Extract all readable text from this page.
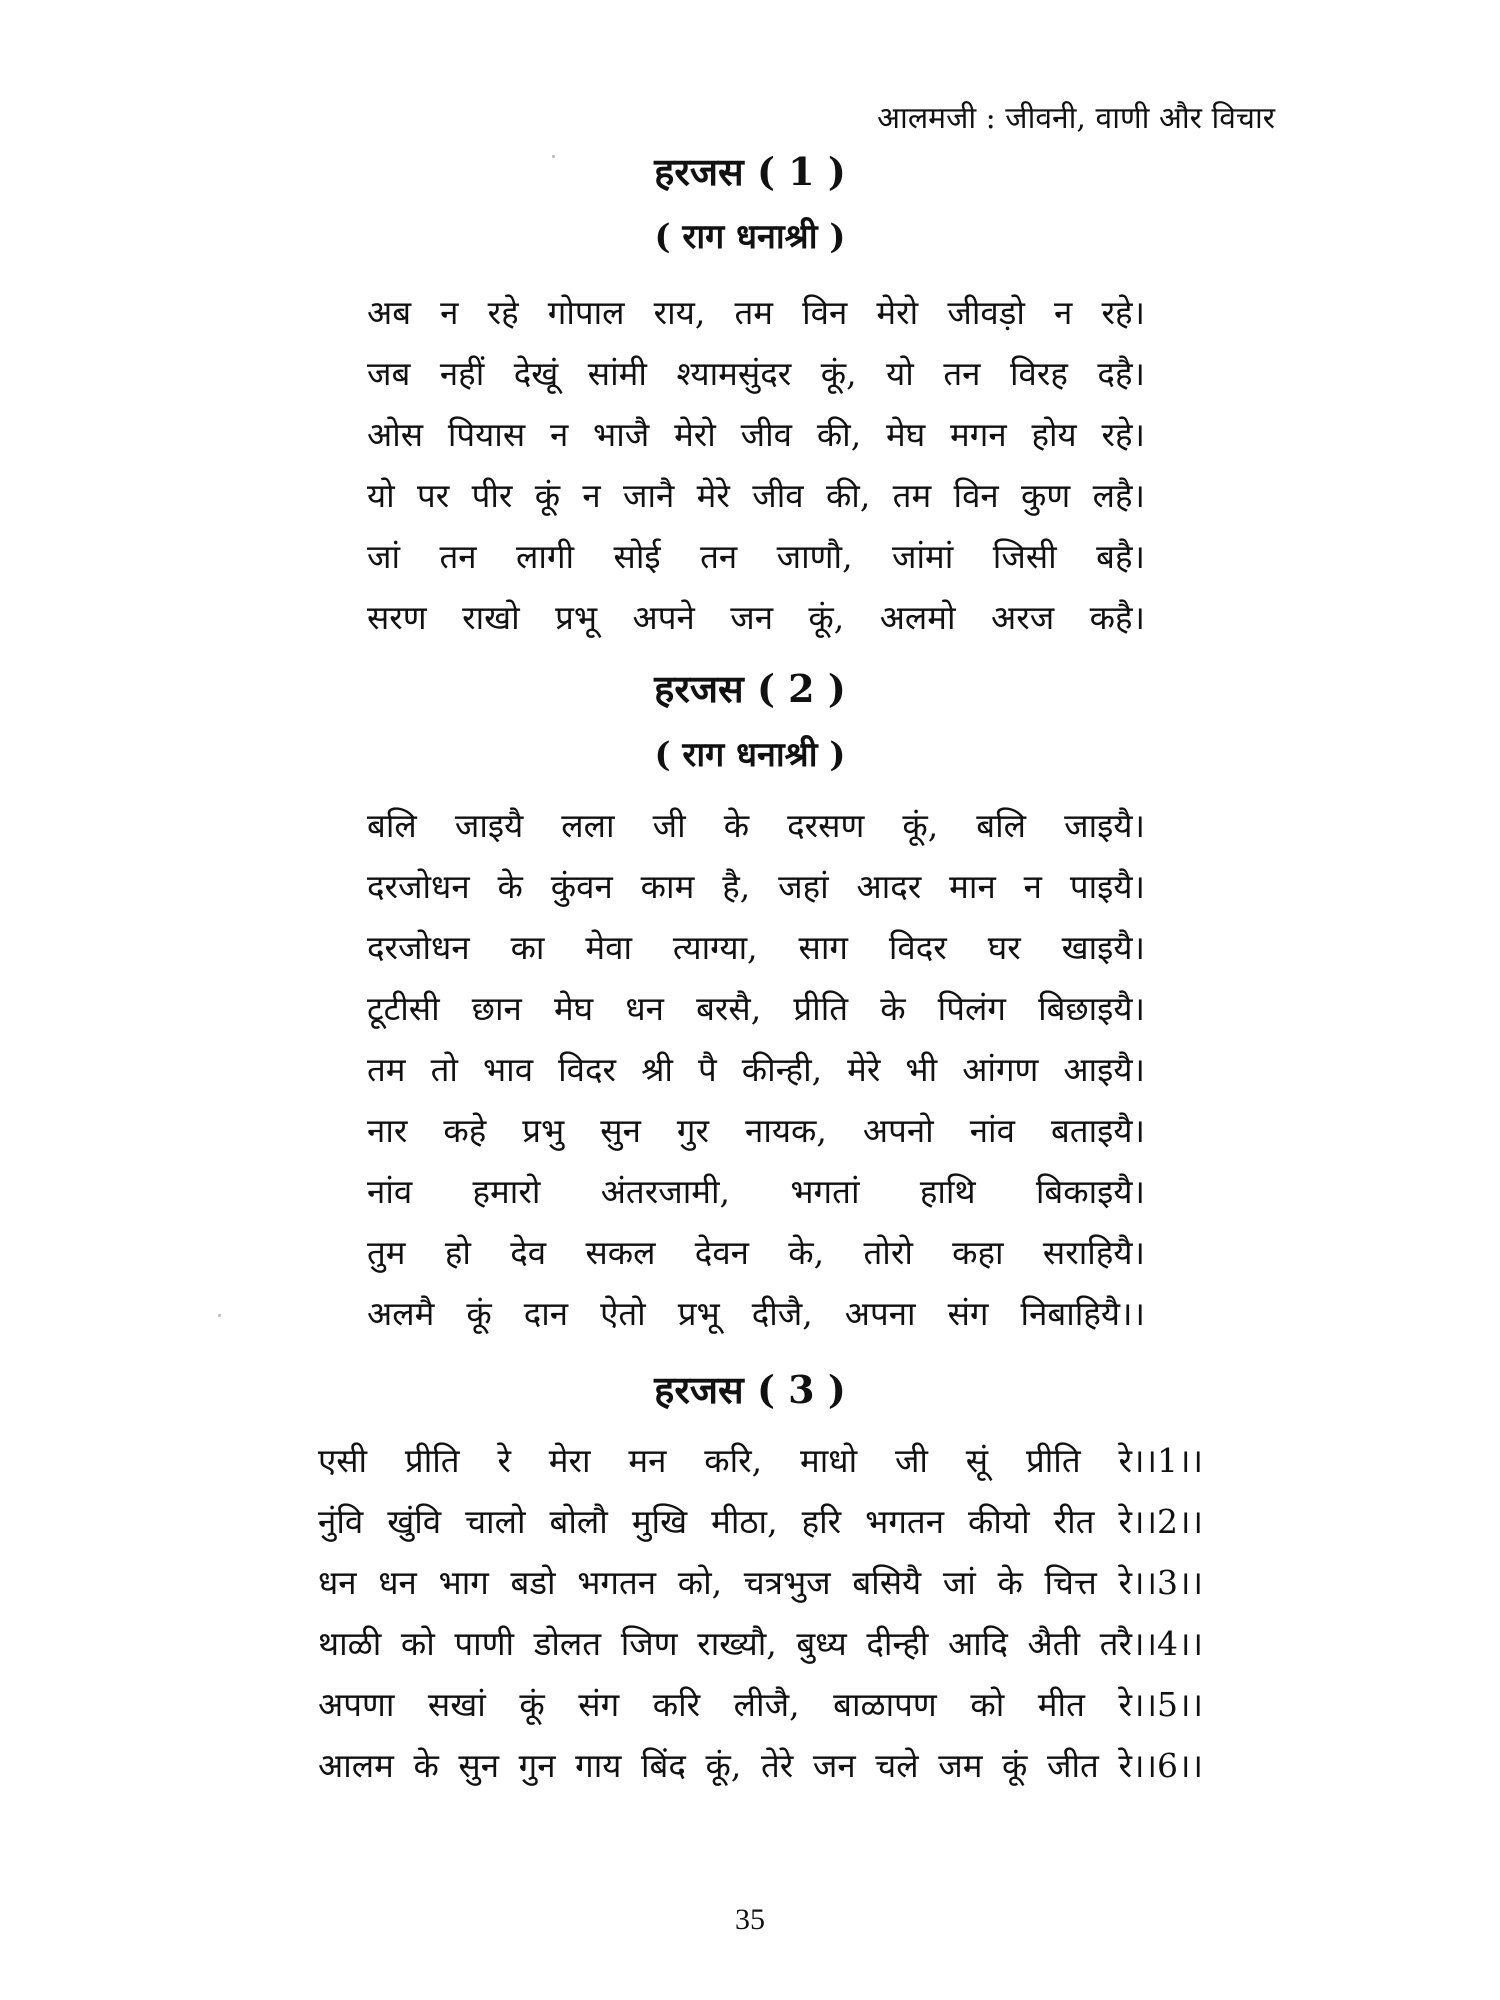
आलमजी : जीवनी, वाणी और विचार
हरजस ( 1 )
( राग धनाश्री )
अब न रहे गोपाल राय, तम विन मेरो जीवड़ो न रहे।
जब नहीं देखूं सांमी श्यामसुंदर कूं, यो तन विरह दहै।
ओस पियास न भाजै मेरो जीव की, मेघ मगन होय रहे।
यो पर पीर कूं न जानै मेरे जीव की, तम विन कुण लहै।
जां तन लागी सोई तन जाणौ, जांमां जिसी बहै।
सरण राखो प्रभू अपने जन कूं, अलमो अरज कहै।
हरजस ( 2 )
( राग धनाश्री )
बलि जाइयै लला जी के दरसण कूं, बलि जाइयै।
दरजोधन के कुंवन काम है, जहां आदर मान न पाइयै।
दरजोधन का मेवा त्याग्या, साग विदर घर खाइयै।
टूटीसी छान मेघ धन बरसै, प्रीति के पिलंग बिछाइयै।
तम तो भाव विदर श्री पै कीन्ही, मेरे भी आंगण आइयै।
नार कहे प्रभु सुन गुर नायक, अपनो नांव बताइयै।
नांव हमारो अंतरजामी, भगतां हाथि बिकाइयै।
तुम हो देव सकल देवन के, तोरो कहा सराहियै।
अलमै कूं दान ऐतो प्रभू दीजै, अपना संग निबाहियै।।
हरजस ( 3 )
एसी प्रीति रे मेरा मन करि, माधो जी सूं प्रीति रे।।1।।
नुंवि खुंवि चालो बोलौ मुखि मीठा, हरि भगतन कीयो रीत रे।।2।।
धन धन भाग बडो भगतन को, चत्रभुज बसियै जां के चित्त रे।।3।।
थाळी को पाणी डोलत जिण राख्यौ, बुध्य दीन्ही आदि अैती तरै।।4।।
अपणा सखां कूं संग करि लीजै, बाळापण को मीत रे।।5।।
आलम के सुन गुन गाय बिंद कूं, तेरे जन चले जम कूं जीत रे।।6।।
35
